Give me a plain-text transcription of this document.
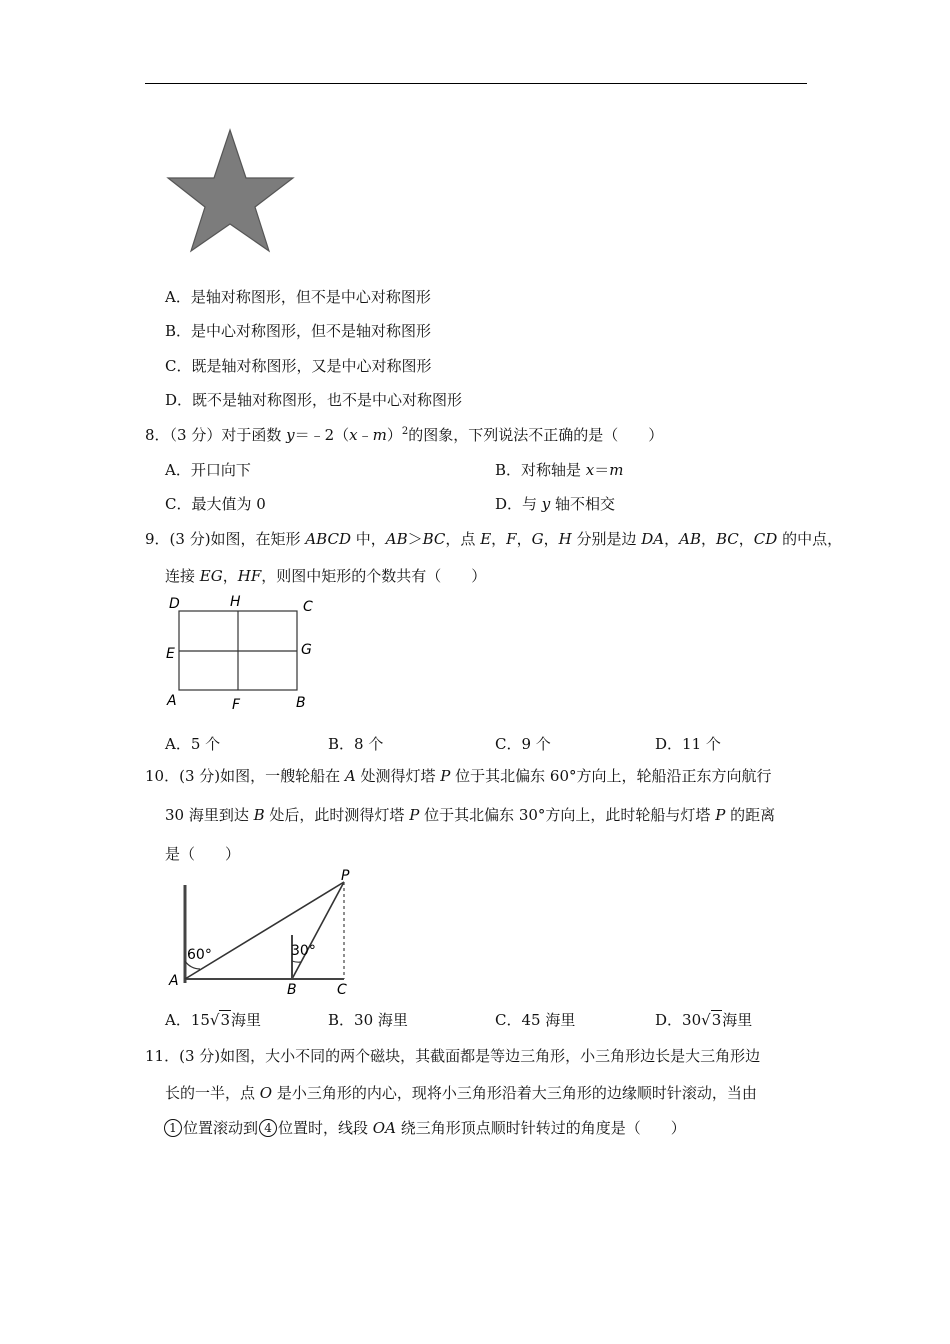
A．是轴对称图形，但不是中心对称图形
B．是中心对称图形，但不是轴对称图形
C．既是轴对称图形，又是中心对称图形
D．既不是轴对称图形，也不是中心对称图形
8．（3 分）对于函数 y＝﹣2（x﹣m）$^2$的图象，下列说法不正确的是（　　）
A．开口向下	B．对称轴是 x＝m
C．最大值为 0	D．与 y 轴不相交
9．(3 分)如图，在矩形 ABCD 中，AB＞BC，点 E，F，G，H 分别是边 DA，AB，BC，CD 的中点，
连接 EG，HF，则图中矩形的个数共有（　　）
D	H	C
E	G
A	F	B
A．5 个	B．8 个	C．9 个	D．11 个
10．(3 分)如图，一艘轮船在 A 处测得灯塔 P 位于其北偏东 60°方向上，轮船沿正东方向航行
30 海里到达 B 处后，此时测得灯塔 P 位于其北偏东 30°方向上，此时轮船与灯塔 P 的距离
是（　　）
60°	30°
P
A
B	C
A．15√3海里	B．30 海里	C．45 海里	D．30√3海里
11．(3 分)如图，大小不同的两个磁块，其截面都是等边三角形，小三角形边长是大三角形边
长的一半，点 O 是小三角形的内心，现将小三角形沿着大三角形的边缘顺时针滚动，当由
1 位置滚动到 4 位置时，线段 OA 绕三角形顶点顺时针转过的角度是（　　）
